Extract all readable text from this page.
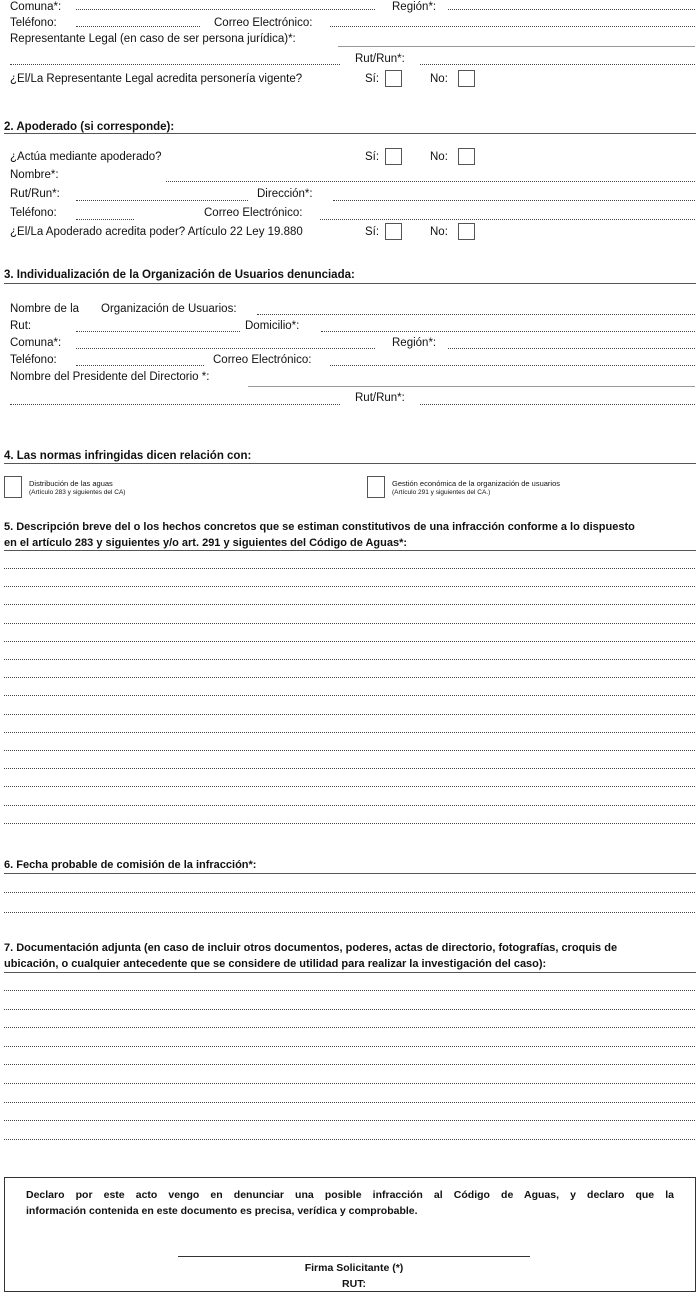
Comuna*:	Región*:
Teléfono:	Correo Electrónico:
Representante Legal (en caso de ser persona jurídica)*:
Rut/Run*:
¿El/La Representante Legal acredita personería vigente?	Sí:	No:
2. Apoderado (si corresponde):
¿Actúa mediante apoderado?	Sí:	No:
Nombre*:
Rut/Run*:	Dirección*:
Teléfono:	Correo Electrónico:
¿El/La Apoderado acredita poder? Artículo 22 Ley 19.880	Sí:	No:
3. Individualización de la Organización de Usuarios denunciada:
Nombre de la Organización de Usuarios:
Rut:	Domicilio*:
Comuna*:	Región*:
Teléfono:	Correo Electrónico:
Nombre del Presidente del Directorio *:
Rut/Run*:
4. Las normas infringidas dicen relación con:
Distribución de las aguas
(Artículo 283 y siguientes del CA)
Gestión económica de la organización de usuarios
(Artículo 291 y siguientes del CA.)
5. Descripción breve del o los hechos concretos que se estiman constitutivos de una infracción conforme a lo dispuesto
en el artículo 283 y siguientes y/o art. 291 y siguientes del Código de Aguas*:
6. Fecha probable de comisión de la infracción*:
7. Documentación adjunta (en caso de incluir otros documentos, poderes, actas de directorio, fotografías, croquis de
ubicación, o cualquier antecedente que se considere de utilidad para realizar la investigación del caso):
Declaro por este acto vengo en denunciar una posible infracción al Código de Aguas, y declaro que la
información contenida en este documento es precisa, verídica y comprobable.
Firma Solicitante (*)
RUT:
